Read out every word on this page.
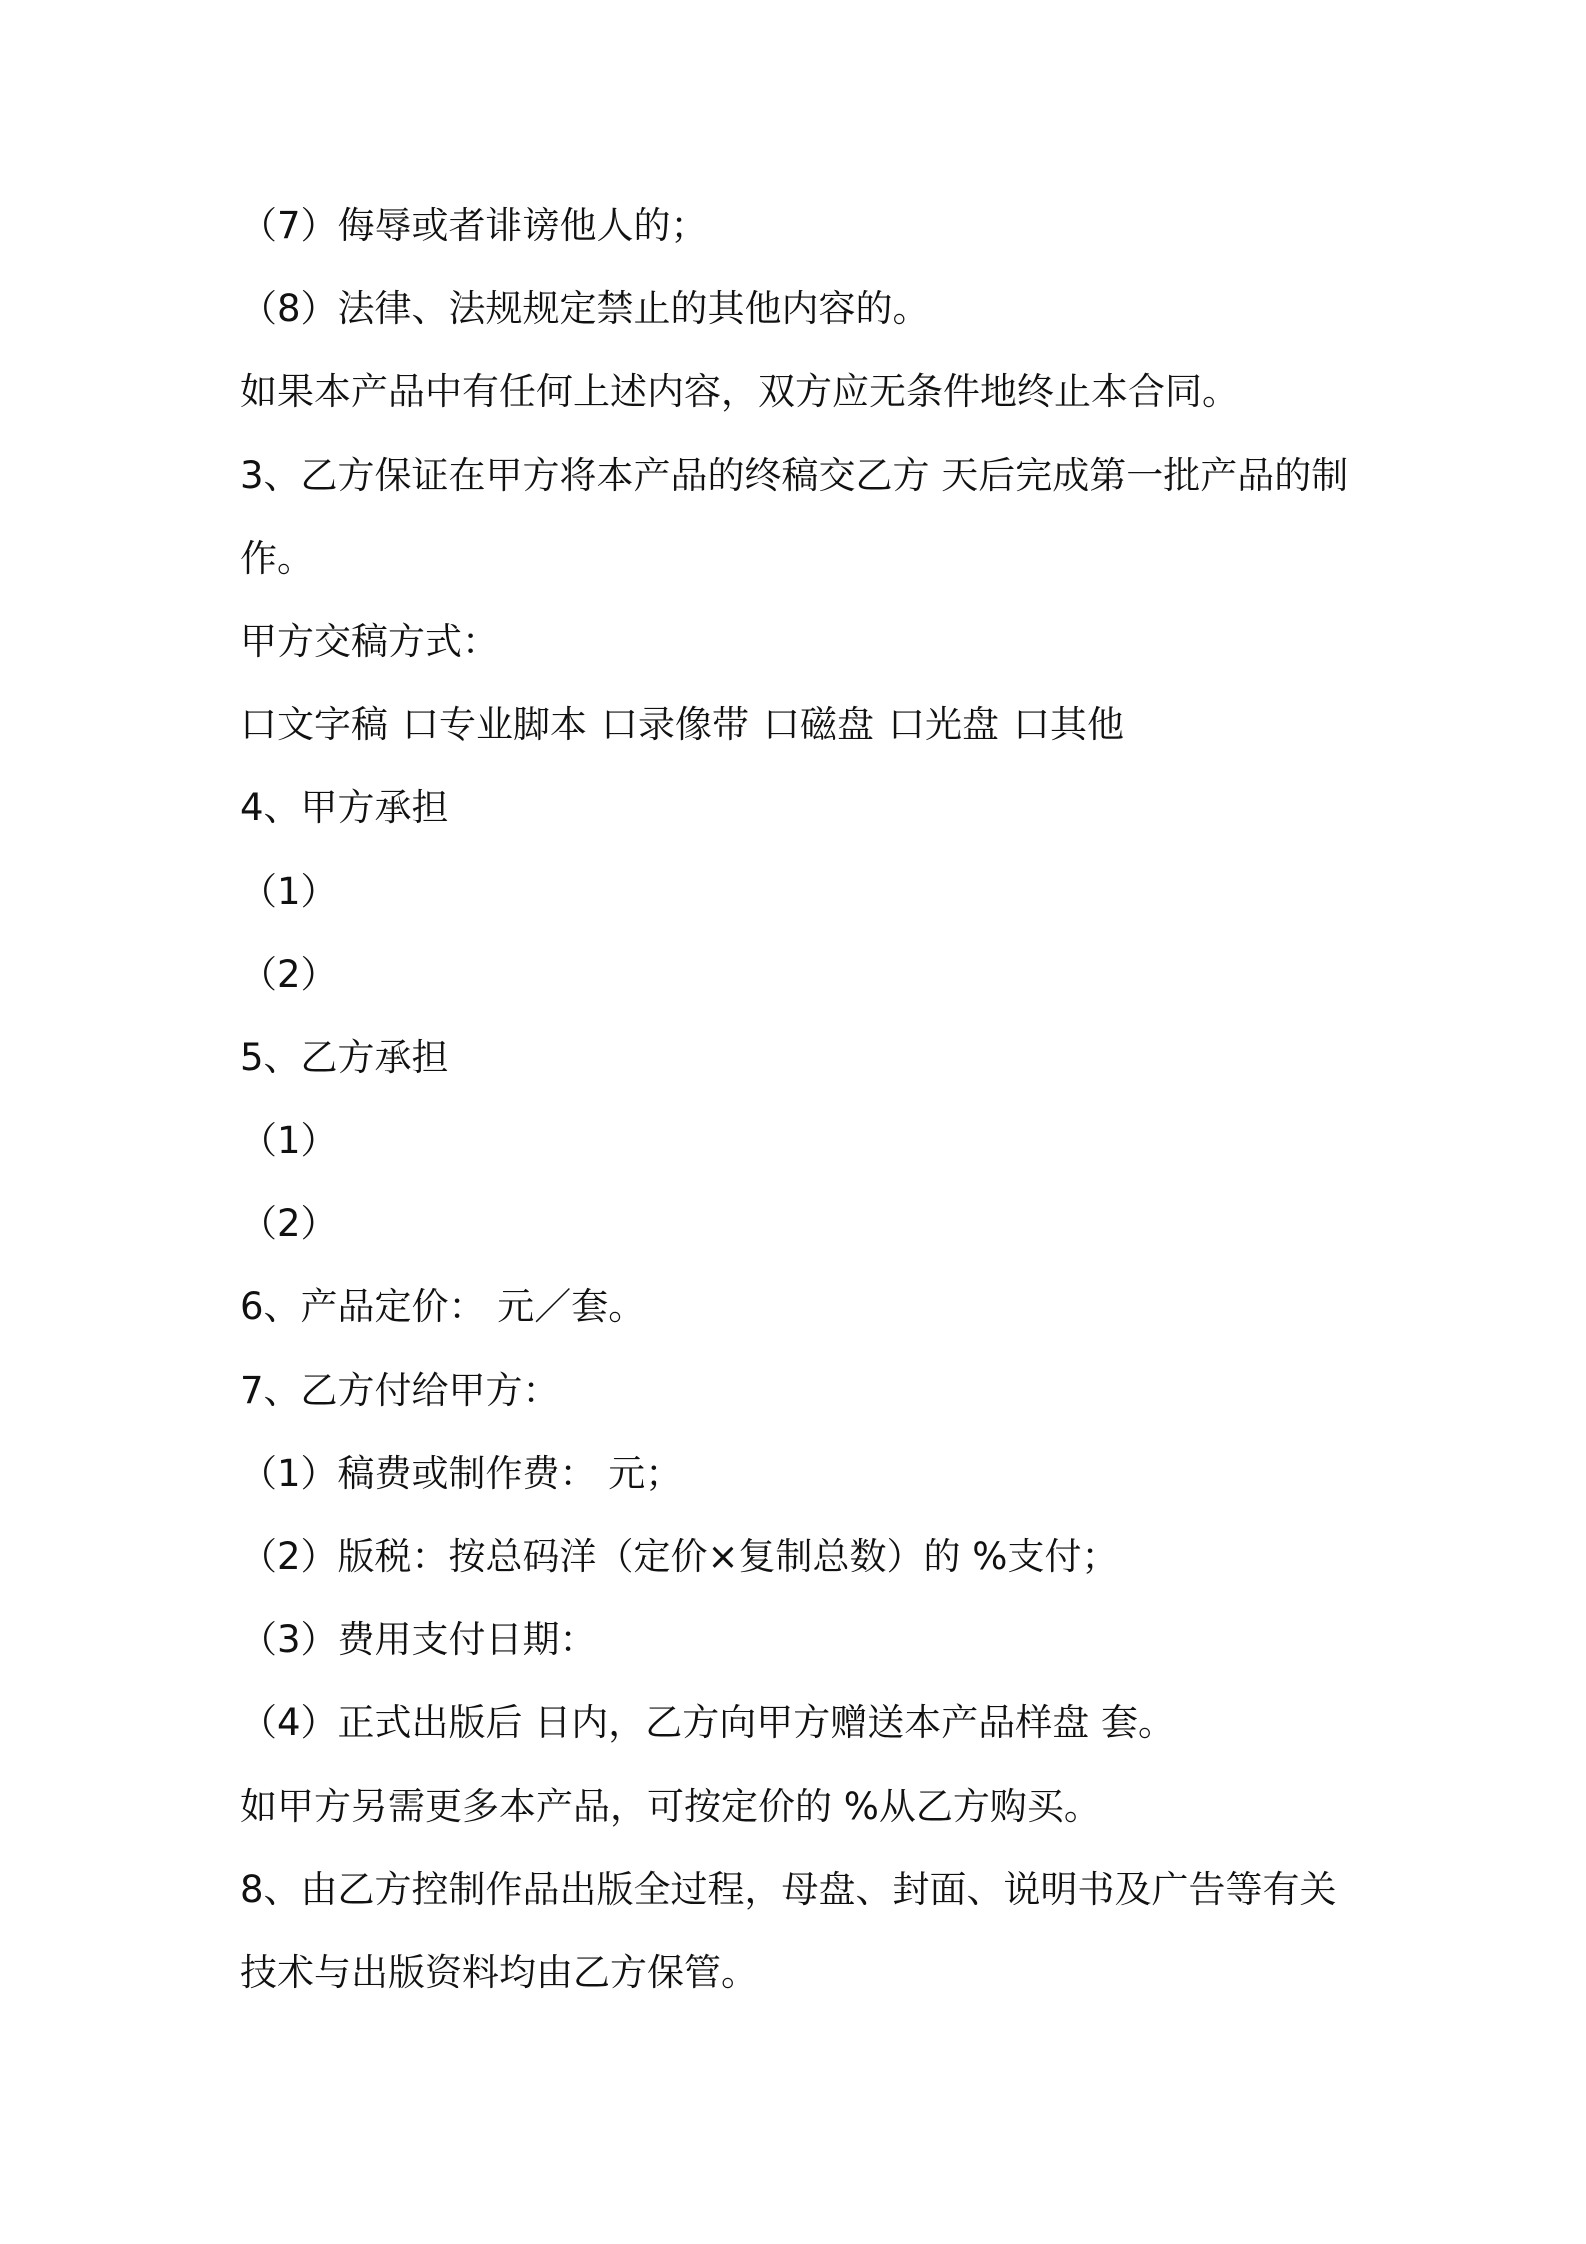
（7）侮辱或者诽谤他人的；
（8）法律、法规规定禁止的其他内容的。
如果本产品中有任何上述内容，双方应无条件地终止本合同。
3、乙方保证在甲方将本产品的终稿交乙方 天后完成第一批产品的制
作。
甲方交稿方式：
口文字稿 口专业脚本 口录像带 口磁盘 口光盘 口其他
4、甲方承担
（1）
（2）
5、乙方承担
（1）
（2）
6、产品定价： 元／套。
7、乙方付给甲方：
（1）稿费或制作费： 元；
（2）版税：按总码洋（定价×复制总数）的 %支付；
（3）费用支付日期：
（4）正式出版后 日内，乙方向甲方赠送本产品样盘 套。
如甲方另需更多本产品，可按定价的 %从乙方购买。
8、由乙方控制作品出版全过程，母盘、封面、说明书及广告等有关
技术与出版资料均由乙方保管。
